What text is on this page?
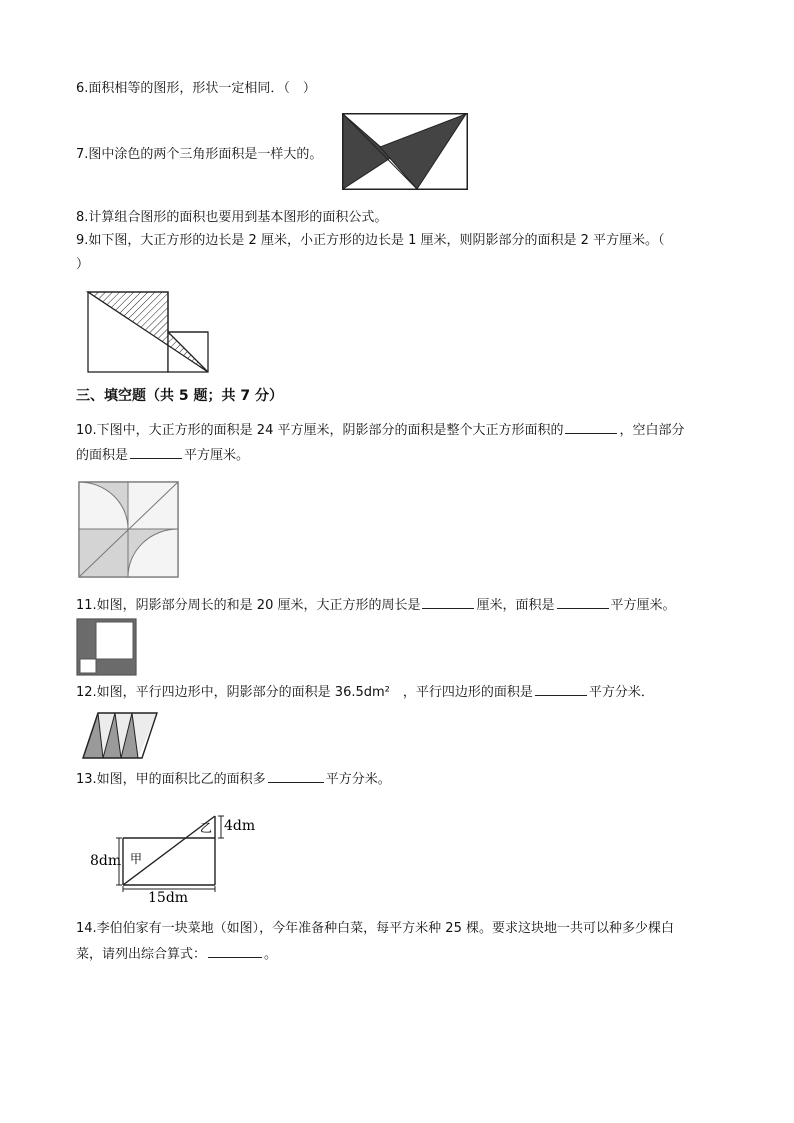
6.面积相等的图形，形状一定相同．（　）
7.图中涂色的两个三角形面积是一样大的。
8.计算组合图形的面积也要用到基本图形的面积公式。
9.如下图，大正方形的边长是 2 厘米，小正方形的边长是 1 厘米，则阴影部分的面积是 2 平方厘米。（
）
三、填空题（共 5 题；共 7 分）
10.下图中，大正方形的面积是 24 平方厘米，阴影部分的面积是整个大正方形面积的	，空白部分
的面积是	平方厘米。
11.如图，阴影部分周长的和是 20 厘米，大正方形的周长是	厘米，面积是	平方厘米。
12.如图，平行四边形中，阴影部分的面积是 36.5dm²　，平行四边形的面积是	平方分米．
13.如图，甲的面积比乙的面积多	平方分米。
4dm
8dm
15dm
甲
乙
14.李伯伯家有一块菜地（如图），今年准备种白菜，每平方米种 25 棵。要求这块地一共可以种多少棵白
菜，请列出综合算式：	。
